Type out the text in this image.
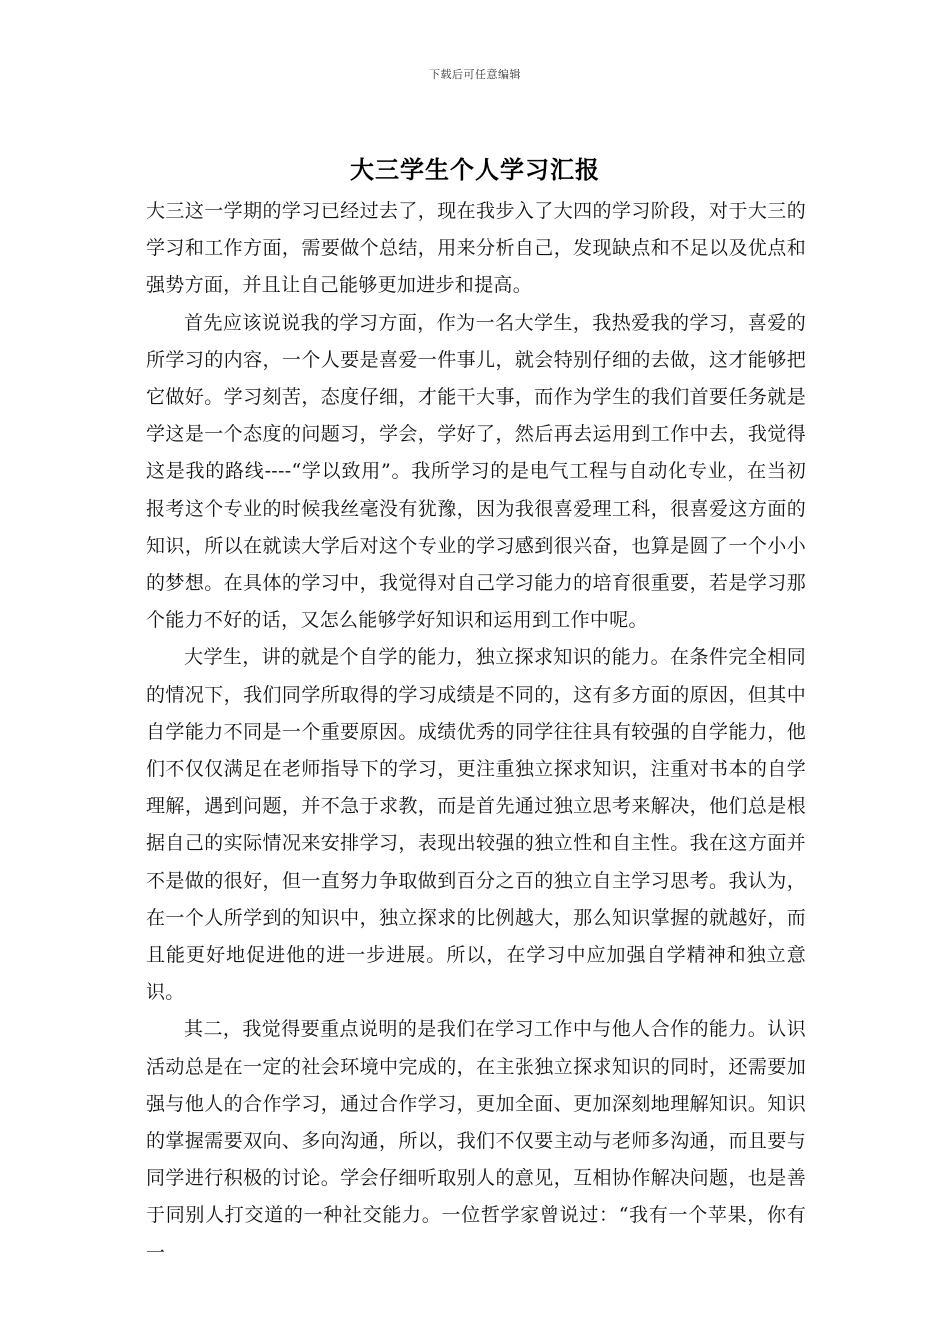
下载后可任意编辑
大三学生个人学习汇报

大三这一学期的学习已经过去了，现在我步入了大四的学习阶段，对于大三的学习和工作方面，需要做个总结，用来分析自己，发现缺点和不足以及优点和强势方面，并且让自己能够更加进步和提高。

首先应该说说我的学习方面，作为一名大学生，我热爱我的学习，喜爱的所学习的内容，一个人要是喜爱一件事儿，就会特别仔细的去做，这才能够把它做好。学习刻苦，态度仔细，才能干大事，而作为学生的我们首要任务就是学这是一个态度的问题习，学会，学好了，然后再去运用到工作中去，我觉得这是我的路线----“学以致用”。我所学习的是电气工程与自动化专业，在当初报考这个专业的时候我丝毫没有犹豫，因为我很喜爱理工科，很喜爱这方面的知识，所以在就读大学后对这个专业的学习感到很兴奋，也算是圆了一个小小的梦想。在具体的学习中，我觉得对自己学习能力的培育很重要，若是学习那个能力不好的话，又怎么能够学好知识和运用到工作中呢。

大学生，讲的就是个自学的能力，独立探求知识的能力。在条件完全相同的情况下，我们同学所取得的学习成绩是不同的，这有多方面的原因，但其中自学能力不同是一个重要原因。成绩优秀的同学往往具有较强的自学能力，他们不仅仅满足在老师指导下的学习，更注重独立探求知识，注重对书本的自学理解，遇到问题，并不急于求教，而是首先通过独立思考来解决，他们总是根据自己的实际情况来安排学习，表现出较强的独立性和自主性。我在这方面并不是做的很好，但一直努力争取做到百分之百的独立自主学习思考。我认为，在一个人所学到的知识中，独立探求的比例越大，那么知识掌握的就越好，而且能更好地促进他的进一步进展。所以，在学习中应加强自学精神和独立意识。

其二，我觉得要重点说明的是我们在学习工作中与他人合作的能力。认识活动总是在一定的社会环境中完成的，在主张独立探求知识的同时，还需要加强与他人的合作学习，通过合作学习，更加全面、更加深刻地理解知识。知识的掌握需要双向、多向沟通，所以，我们不仅要主动与老师多沟通，而且要与同学进行积极的讨论。学会仔细听取别人的意见，互相协作解决问题，也是善于同别人打交道的一种社交能力。一位哲学家曾说过：“我有一个苹果，你有一
